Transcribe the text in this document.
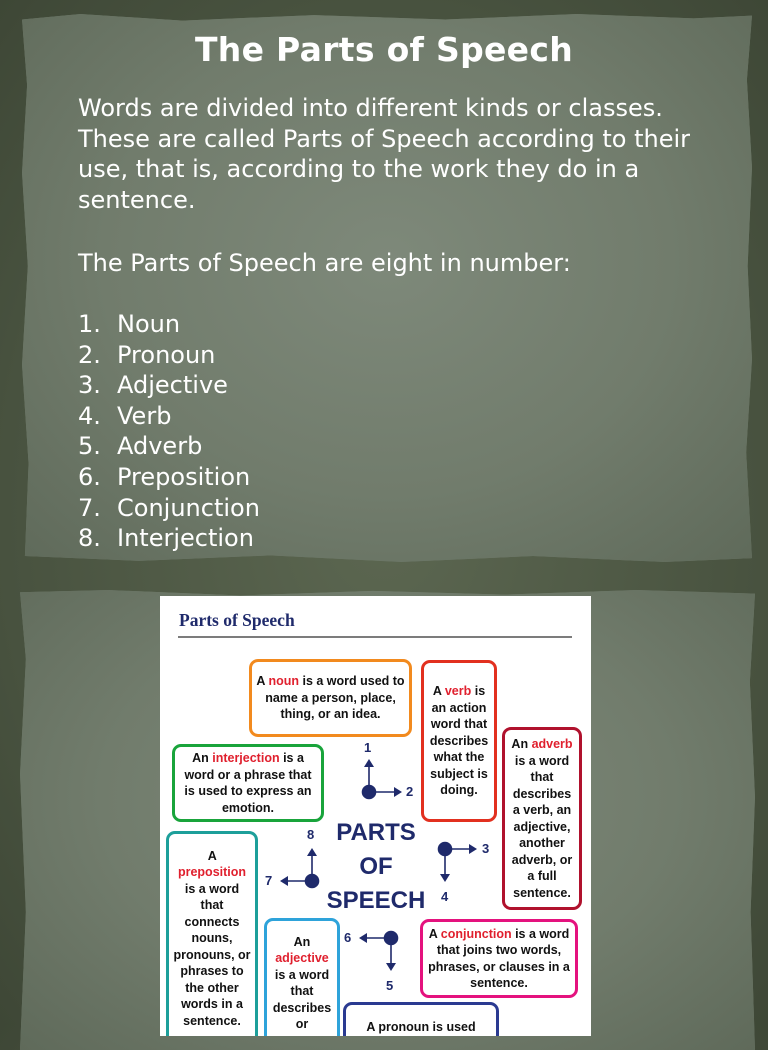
The Parts of Speech

Words are divided into different kinds or classes. These are called Parts of Speech according to their use, that is, according to the work they do in a sentence.

The Parts of Speech are eight in number:

1. Noun
2. Pronoun
3. Adjective
4. Verb
5. Adverb
6. Preposition
7. Conjunction
8. Interjection
Parts of Speech
A noun is a word used to name a person, place, thing, or an idea.
A verb is an action word that describes what the subject is doing.
An interjection is a word or a phrase that is used to express an emotion.
An adverb is a word that describes a verb, an adjective, another adverb, or a full sentence.
A preposition is a word that connects nouns, pronouns, or phrases to the other words in a sentence.
An adjective is a word that describes or
A conjunction is a word that joins two words, phrases, or clauses in a sentence.
A pronoun is used
PARTS
OF
SPEECH
1
2
3
4
5
6
7
8
